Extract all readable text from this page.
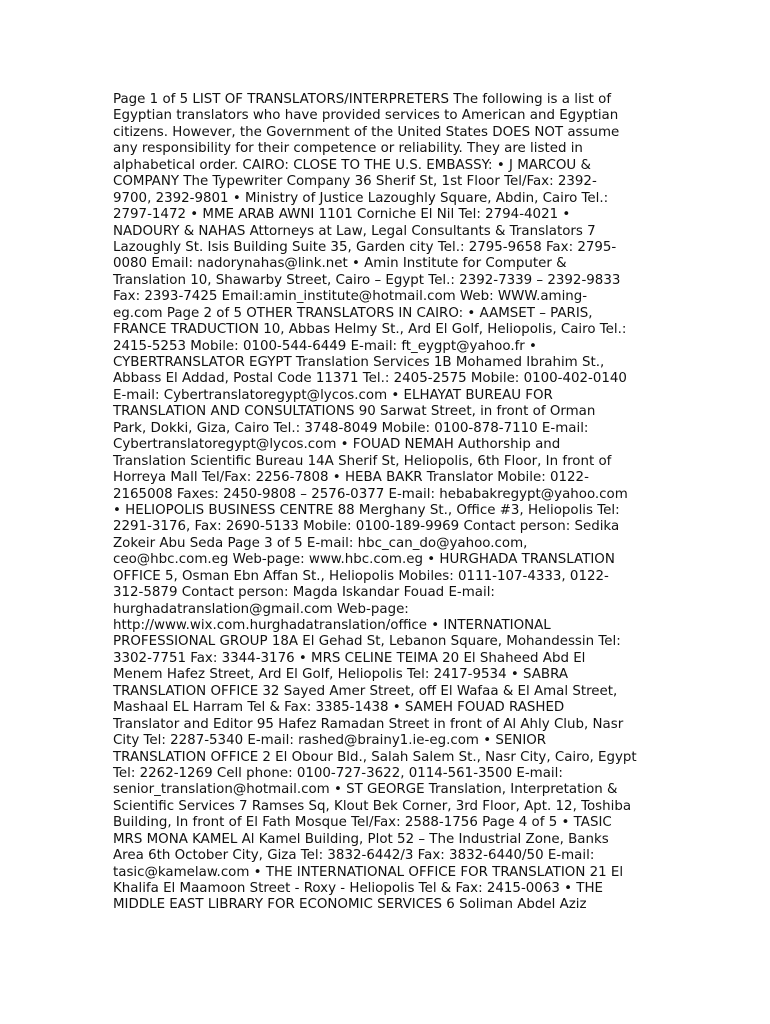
Page 1 of 5 LIST OF TRANSLATORS/INTERPRETERS The following is a list of
Egyptian translators who have provided services to American and Egyptian
citizens. However, the Government of the United States DOES NOT assume
any responsibility for their competence or reliability. They are listed in
alphabetical order. CAIRO: CLOSE TO THE U.S. EMBASSY: • J MARCOU &
COMPANY The Typewriter Company 36 Sherif St, 1st Floor Tel/Fax: 2392-
9700, 2392-9801 • Ministry of Justice Lazoughly Square, Abdin, Cairo Tel.:
2797-1472 • MME ARAB AWNI 1101 Corniche El Nil Tel: 2794-4021 •
NADOURY & NAHAS Attorneys at Law, Legal Consultants & Translators 7
Lazoughly St. Isis Building Suite 35, Garden city Tel.: 2795-9658 Fax: 2795-
0080 Email: nadorynahas@link.net • Amin Institute for Computer &
Translation 10, Shawarby Street, Cairo – Egypt Tel.: 2392-7339 – 2392-9833
Fax: 2393-7425 Email:amin_institute@hotmail.com Web: WWW.aming-
eg.com Page 2 of 5 OTHER TRANSLATORS IN CAIRO: • AAMSET – PARIS,
FRANCE TRADUCTION 10, Abbas Helmy St., Ard El Golf, Heliopolis, Cairo Tel.:
2415-5253 Mobile: 0100-544-6449 E-mail: ft_eygpt@yahoo.fr •
CYBERTRANSLATOR EGYPT Translation Services 1B Mohamed Ibrahim St.,
Abbass El Addad, Postal Code 11371 Tel.: 2405-2575 Mobile: 0100-402-0140
E-mail: Cybertranslatoregypt@lycos.com • ELHAYAT BUREAU FOR
TRANSLATION AND CONSULTATIONS 90 Sarwat Street, in front of Orman
Park, Dokki, Giza, Cairo Tel.: 3748-8049 Mobile: 0100-878-7110 E-mail:
Cybertranslatoregypt@lycos.com • FOUAD NEMAH Authorship and
Translation Scientific Bureau 14A Sherif St, Heliopolis, 6th Floor, In front of
Horreya Mall Tel/Fax: 2256-7808 • HEBA BAKR Translator Mobile: 0122-
2165008 Faxes: 2450-9808 – 2576-0377 E-mail: hebabakregypt@yahoo.com
• HELIOPOLIS BUSINESS CENTRE 88 Merghany St., Office #3, Heliopolis Tel:
2291-3176, Fax: 2690-5133 Mobile: 0100-189-9969 Contact person: Sedika
Zokeir Abu Seda Page 3 of 5 E-mail: hbc_can_do@yahoo.com,
ceo@hbc.com.eg Web-page: www.hbc.com.eg • HURGHADA TRANSLATION
OFFICE 5, Osman Ebn Affan St., Heliopolis Mobiles: 0111-107-4333, 0122-
312-5879 Contact person: Magda Iskandar Fouad E-mail:
hurghadatranslation@gmail.com Web-page:
http://www.wix.com.hurghadatranslation/office • INTERNATIONAL
PROFESSIONAL GROUP 18A El Gehad St, Lebanon Square, Mohandessin Tel:
3302-7751 Fax: 3344-3176 • MRS CELINE TEIMA 20 El Shaheed Abd El
Menem Hafez Street, Ard El Golf, Heliopolis Tel: 2417-9534 • SABRA
TRANSLATION OFFICE 32 Sayed Amer Street, off El Wafaa & El Amal Street,
Mashaal EL Harram Tel & Fax: 3385-1438 • SAMEH FOUAD RASHED
Translator and Editor 95 Hafez Ramadan Street in front of Al Ahly Club, Nasr
City Tel: 2287-5340 E-mail: rashed@brainy1.ie-eg.com • SENIOR
TRANSLATION OFFICE 2 El Obour Bld., Salah Salem St., Nasr City, Cairo, Egypt
Tel: 2262-1269 Cell phone: 0100-727-3622, 0114-561-3500 E-mail:
senior_translation@hotmail.com • ST GEORGE Translation, Interpretation &
Scientific Services 7 Ramses Sq, Klout Bek Corner, 3rd Floor, Apt. 12, Toshiba
Building, In front of El Fath Mosque Tel/Fax: 2588-1756 Page 4 of 5 • TASIC
MRS MONA KAMEL Al Kamel Building, Plot 52 – The Industrial Zone, Banks
Area 6th October City, Giza Tel: 3832-6442/3 Fax: 3832-6440/50 E-mail:
tasic@kamelaw.com • THE INTERNATIONAL OFFICE FOR TRANSLATION 21 El
Khalifa El Maamoon Street - Roxy - Heliopolis Tel & Fax: 2415-0063 • THE
MIDDLE EAST LIBRARY FOR ECONOMIC SERVICES 6 Soliman Abdel Aziz
